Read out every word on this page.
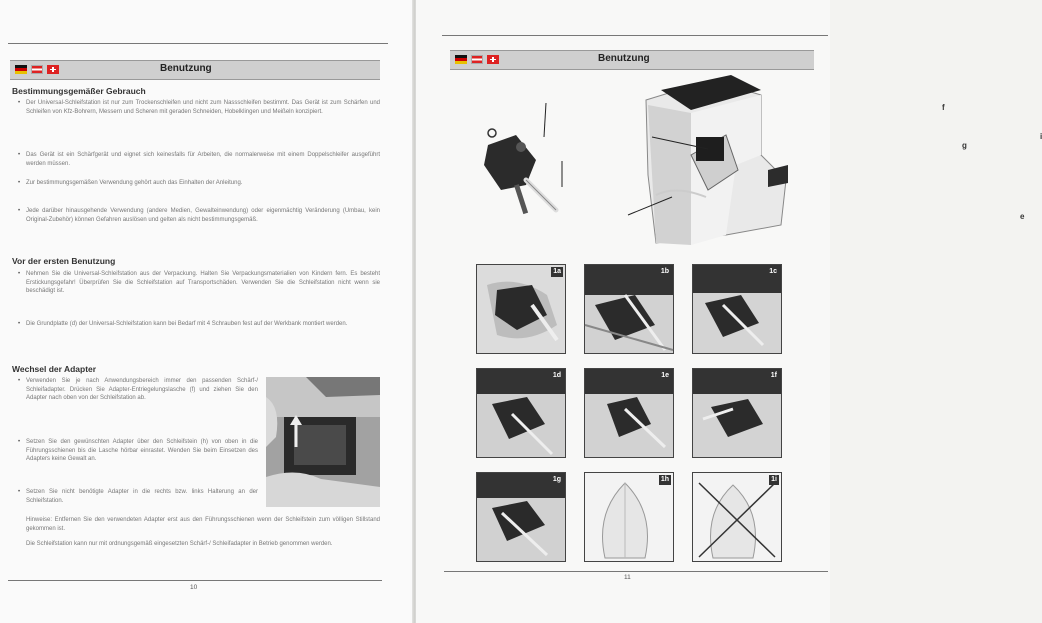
Benutzung
Bestimmungsgemäßer Gebrauch

• Der Universal-Schleifstation ist nur zum Trockenschleifen und nicht zum Nassschleifen bestimmt. Das Gerät ist zum Schärfen und Schleifen von Kfz-Bohrern, Messern und Scheren mit geraden Schneiden, Hobelklingen und Meißeln konzipiert.

• Das Gerät ist ein Schärfgerät und eignet sich keinesfalls für Arbeiten, die normalerweise mit einem Doppelschleifer ausgeführt werden müssen.

• Zur bestimmungsgemäßen Verwendung gehört auch das Einhalten der Anleitung.

• Jede darüber hinausgehende Verwendung (andere Medien, Gewalteinwendung) oder eigenmächtig Veränderung (Umbau, kein Original-Zubehör) können Gefahren auslösen und gelten als nicht bestimmungsgemäß.

Vor der ersten Benutzung

• Nehmen Sie die Universal-Schleifstation aus der Verpackung. Halten Sie Verpackungsmaterialien von Kindern fern. Es besteht Erstickungsgefahr! Überprüfen Sie die Schleifstation auf Transportschäden. Verwenden Sie die Schleifstation nicht wenn sie beschädigt ist.

• Die Grundplatte (d) der Universal-Schleifstation kann bei Bedarf mit 4 Schrauben fest auf der Werkbank montiert werden.

Wechsel der Adapter

• Verwenden Sie je nach Anwendungsbereich immer den passenden Schärf-/ Schleifadapter. Drücken Sie Adapter-Entriegelungslasche (f) und ziehen Sie den Adapter nach oben von der Schleifstation ab.

• Setzen Sie den gewünschten Adapter über den Schleifstein (h) von oben in die Führungsschienen bis die Lasche hörbar einrastet. Wenden Sie beim Einsetzen des Adapters keine Gewalt an.

• Setzen Sie nicht benötigte Adapter in die rechts bzw. links Halterung an der Schleifstation.

Hinweise: Entfernen Sie den verwendeten Adapter erst aus den Führungsschienen wenn der Schleifstein zum völligen Stillstand gekommen ist.

Die Schleifstation kann nur mit ordnungsgemäß eingesetzten Schärf-/ Schleifadapter in Betrieb genommen werden.

10
Benutzung
f
g
i
e
1a	1b	1c
1d	1e	1f
1g	1h	1i
11
